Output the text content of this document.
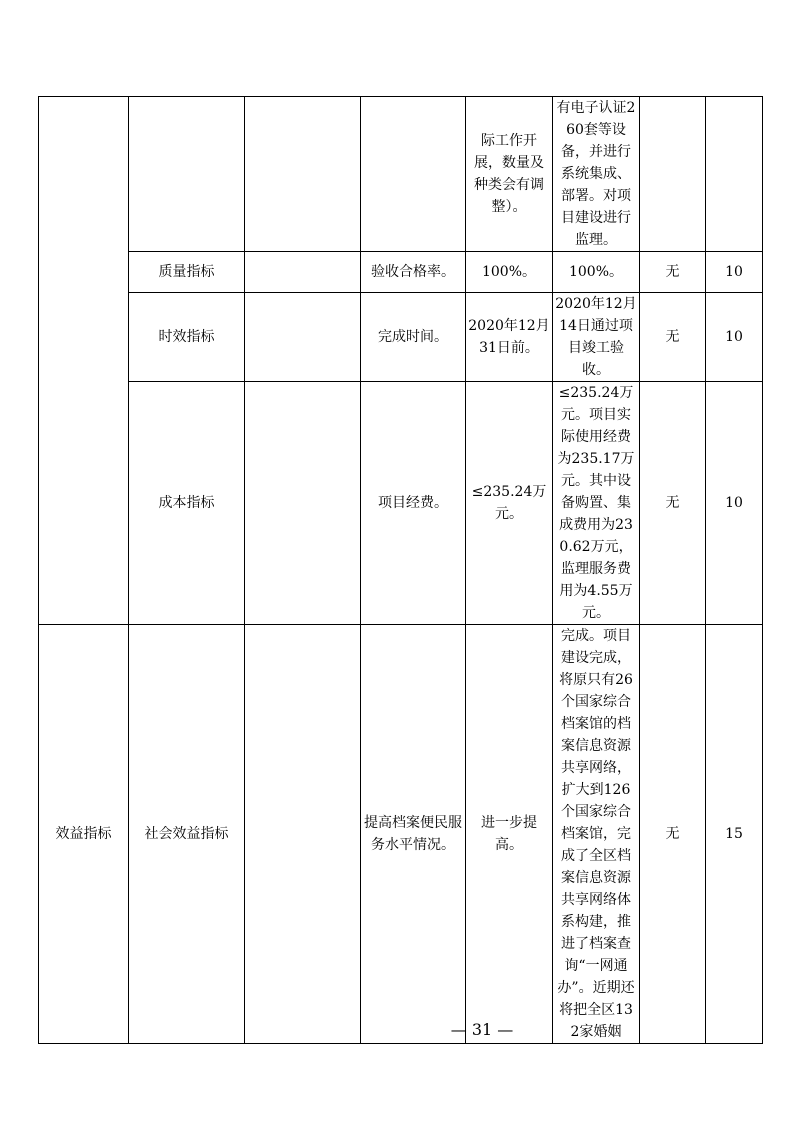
				际工作开展，数量及种类会有调整）。	有电子认证260套等设备，并进行系统集成、部署。对项目建设进行监理。		
	质量指标		验收合格率。	100%。	100%。	无	10
	时效指标		完成时间。	2020年12月31日前。	2020年12月14日通过项目竣工验收。	无	10
	成本指标		项目经费。	≤235.24万元。	≤235.24万元。项目实际使用经费为235.17万元。其中设备购置、集成费用为230.62万元，监理服务费用为4.55万元。	无	10
效益指标	社会效益指标		提高档案便民服务水平情况。	进一步提高。	完成。项目建设完成，将原只有26个国家综合档案馆的档案信息资源共享网络，扩大到126个国家综合档案馆，完成了全区档案信息资源共享网络体系构建，推进了档案查询“一网通办”。近期还将把全区132家婚姻	无	15
— 31 —
